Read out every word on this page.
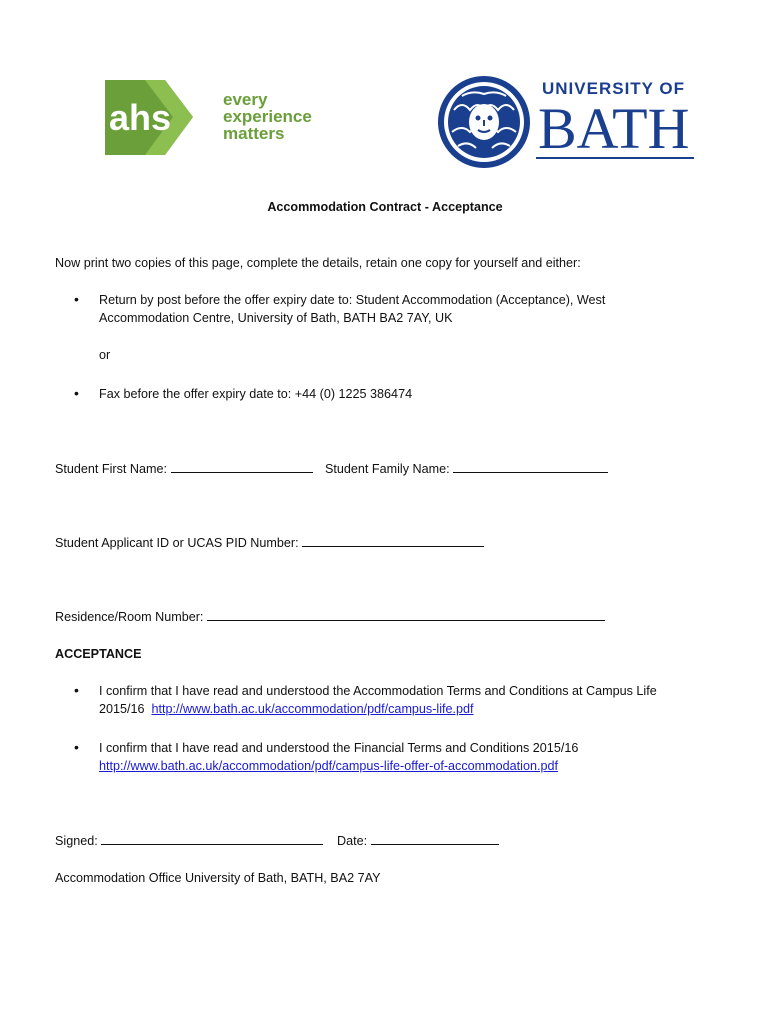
ahs	every
experience
matters
UNIVERSITY OF
BATH
Accommodation Contract - Acceptance
Now print two copies of this page, complete the details, retain one copy for yourself and either:
• Return by post before the offer expiry date to: Student Accommodation (Acceptance), West
Accommodation Centre, University of Bath, BATH BA2 7AY, UK
or
• Fax before the offer expiry date to: +44 (0) 1225 386474
Student First Name:	Student Family Name:
Student Applicant ID or UCAS PID Number:
Residence/Room Number:
ACCEPTANCE
• I confirm that I have read and understood the Accommodation Terms and Conditions at Campus Life
2015/16 http://www.bath.ac.uk/accommodation/pdf/campus-life.pdf
• I confirm that I have read and understood the Financial Terms and Conditions 2015/16
http://www.bath.ac.uk/accommodation/pdf/campus-life-offer-of-accommodation.pdf
Signed:	Date:
Accommodation Office University of Bath, BATH, BA2 7AY
